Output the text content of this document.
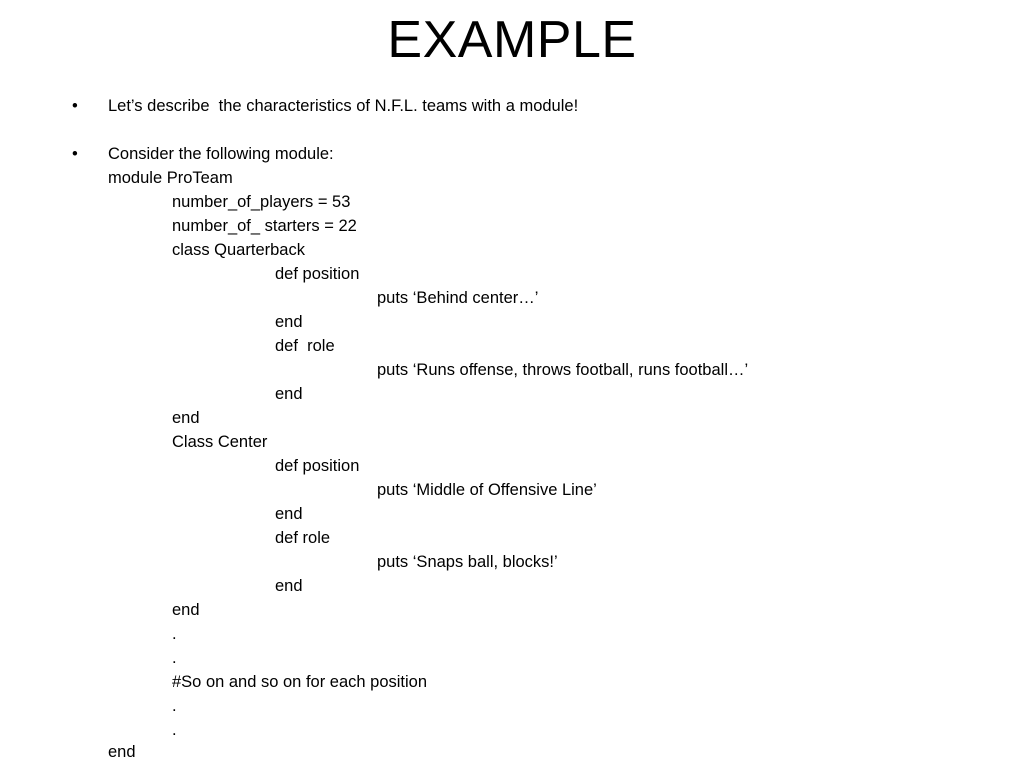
EXAMPLE
• Let’s describe  the characteristics of N.F.L. teams with a module!
• Consider the following module:
module ProTeam
number_of_players = 53
number_of_ starters = 22
class Quarterback
def position
puts ‘Behind center…’
end
def  role
puts ‘Runs offense, throws football, runs football…’
end
end
Class Center
def position
puts ‘Middle of Offensive Line’
end
def role
puts ‘Snaps ball, blocks!’
end
end
.
.
#So on and so on for each position
.
.
end
